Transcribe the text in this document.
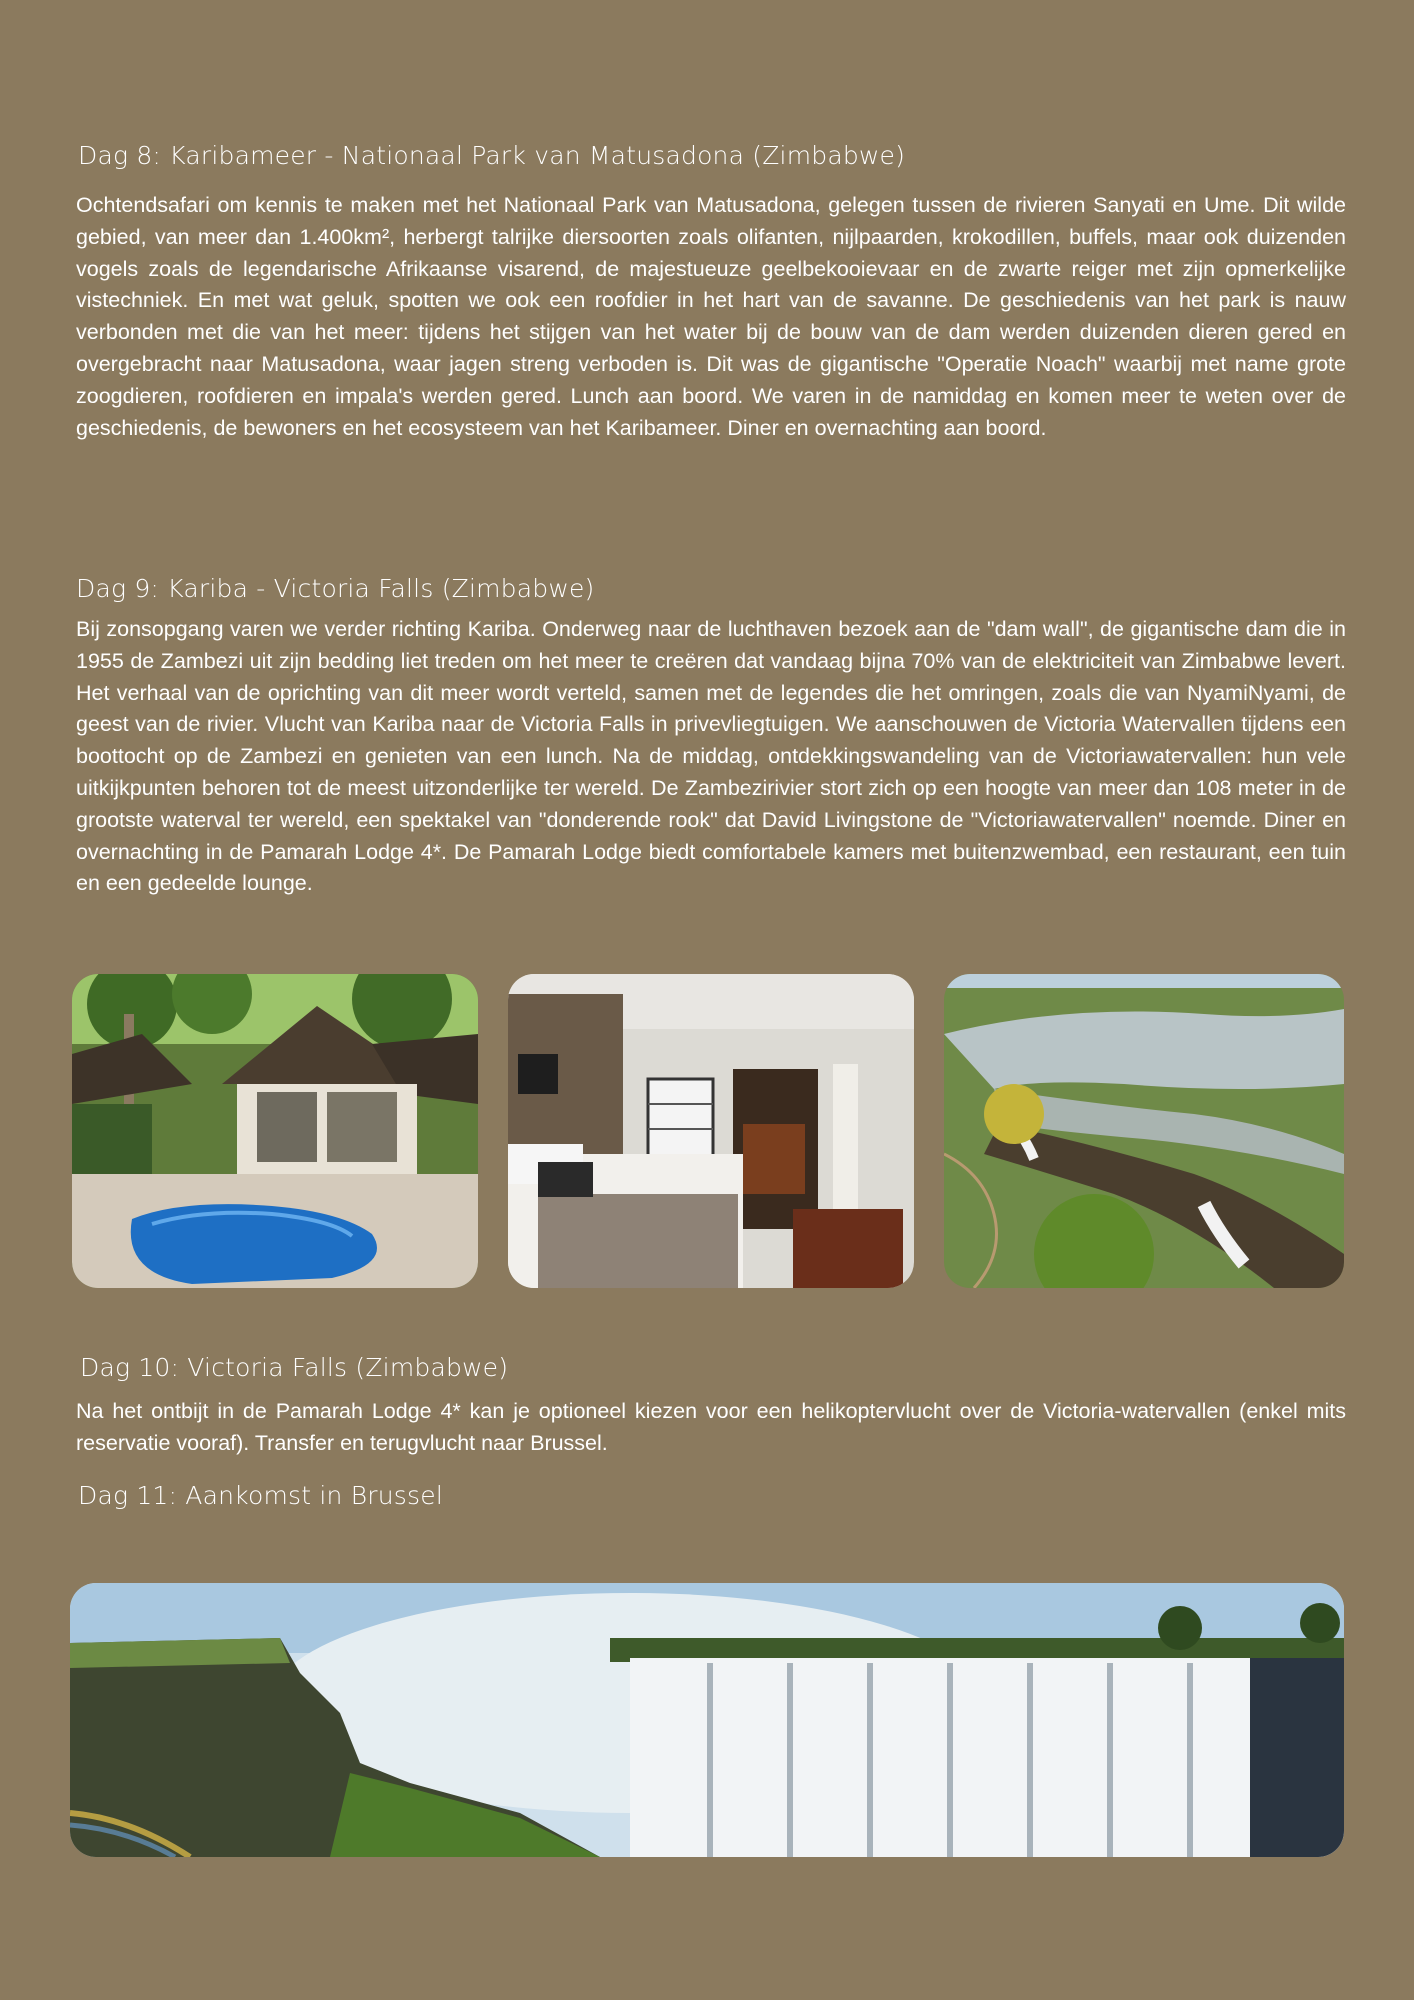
Dag 8: Karibameer - Nationaal Park van Matusadona (Zimbabwe)

Ochtendsafari om kennis te maken met het Nationaal Park van Matusadona, gelegen tussen de rivieren Sanyati en Ume. Dit wilde gebied, van meer dan 1.400km², herbergt talrijke diersoorten zoals olifanten, nijlpaarden, krokodillen, buffels, maar ook duizenden vogels zoals de legendarische Afrikaanse visarend, de majestueuze geelbekooievaar en de zwarte reiger met zijn opmerkelijke vistechniek. En met wat geluk, spotten we ook een roofdier in het hart van de savanne. De geschiedenis van het park is nauw verbonden met die van het meer: tijdens het stijgen van het water bij de bouw van de dam werden duizenden dieren gered en overgebracht naar Matusadona, waar jagen streng verboden is. Dit was de gigantische "Operatie Noach" waarbij met name grote zoogdieren, roofdieren en impala's werden gered. Lunch aan boord. We varen in de namiddag en komen meer te weten over de geschiedenis, de bewoners en het ecosysteem van het Karibameer. Diner en overnachting aan boord.

Dag 9: Kariba - Victoria Falls (Zimbabwe)

Bij zonsopgang varen we verder richting Kariba. Onderweg naar de luchthaven bezoek aan de "dam wall", de gigantische dam die in 1955 de Zambezi uit zijn bedding liet treden om het meer te creëren dat vandaag bijna 70% van de elektriciteit van Zimbabwe levert. Het verhaal van de oprichting van dit meer wordt verteld, samen met de legendes die het omringen, zoals die van NyamiNyami, de geest van de rivier. Vlucht van Kariba naar de Victoria Falls in privevliegtuigen. We aanschouwen de Victoria Watervallen tijdens een boottocht op de Zambezi en genieten van een lunch. Na de middag, ontdekkingswandeling van de Victoriawatervallen: hun vele uitkijkpunten behoren tot de meest uitzonderlijke ter wereld. De Zambezirivier stort zich op een hoogte van meer dan 108 meter in de grootste waterval ter wereld, een spektakel van "donderende rook" dat David Livingstone de "Victoriawatervallen" noemde. Diner en overnachting in de Pamarah Lodge 4*. De Pamarah Lodge biedt comfortabele kamers met buitenzwembad, een restaurant, een tuin en een gedeelde lounge.

Dag 10: Victoria Falls (Zimbabwe)

Na het ontbijt in de Pamarah Lodge 4* kan je optioneel kiezen voor een helikoptervlucht over de Victoria-watervallen (enkel mits reservatie vooraf). Transfer en terugvlucht naar Brussel.

Dag 11: Aankomst in Brussel
